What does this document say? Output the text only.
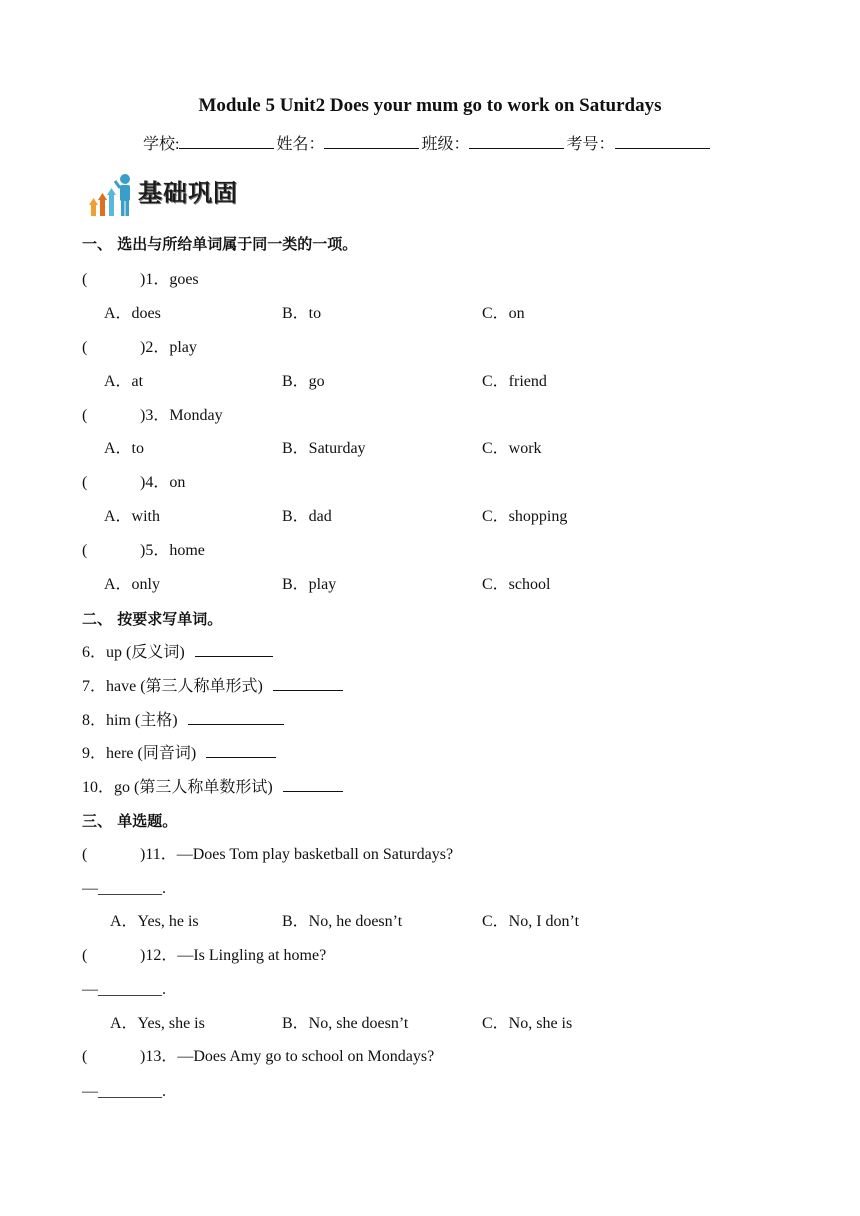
Module 5 Unit2 Does your mum go to work on Saturdays
学校:	姓名：	班级：	考号：
基础巩固
一、 选出与所给单词属于同一类的一项。
(	)1．goes
A．does	B．to	C．on
(	)2．play
A．at	B．go	C．friend
(	)3．Monday
A．to	B．Saturday	C．work
(	)4．on
A．with	B．dad	C．shopping
(	)5．home
A．only	B．play	C．school
二、 按要求写单词。
6．up (反义词)
7．have (第三人称单形式)
8．him (主格)
9．here (同音词)
10．go (第三人称单数形试)
三、 单选题。
(	)11．—Does Tom play basketball on Saturdays?
—________.
A．Yes, he is	B．No, he doesn’t	C．No, I don’t
(	)12．—Is Lingling at home?
—________.
A．Yes, she is	B．No, she doesn’t	C．No, she is
(	)13．—Does Amy go to school on Mondays?
—________.
